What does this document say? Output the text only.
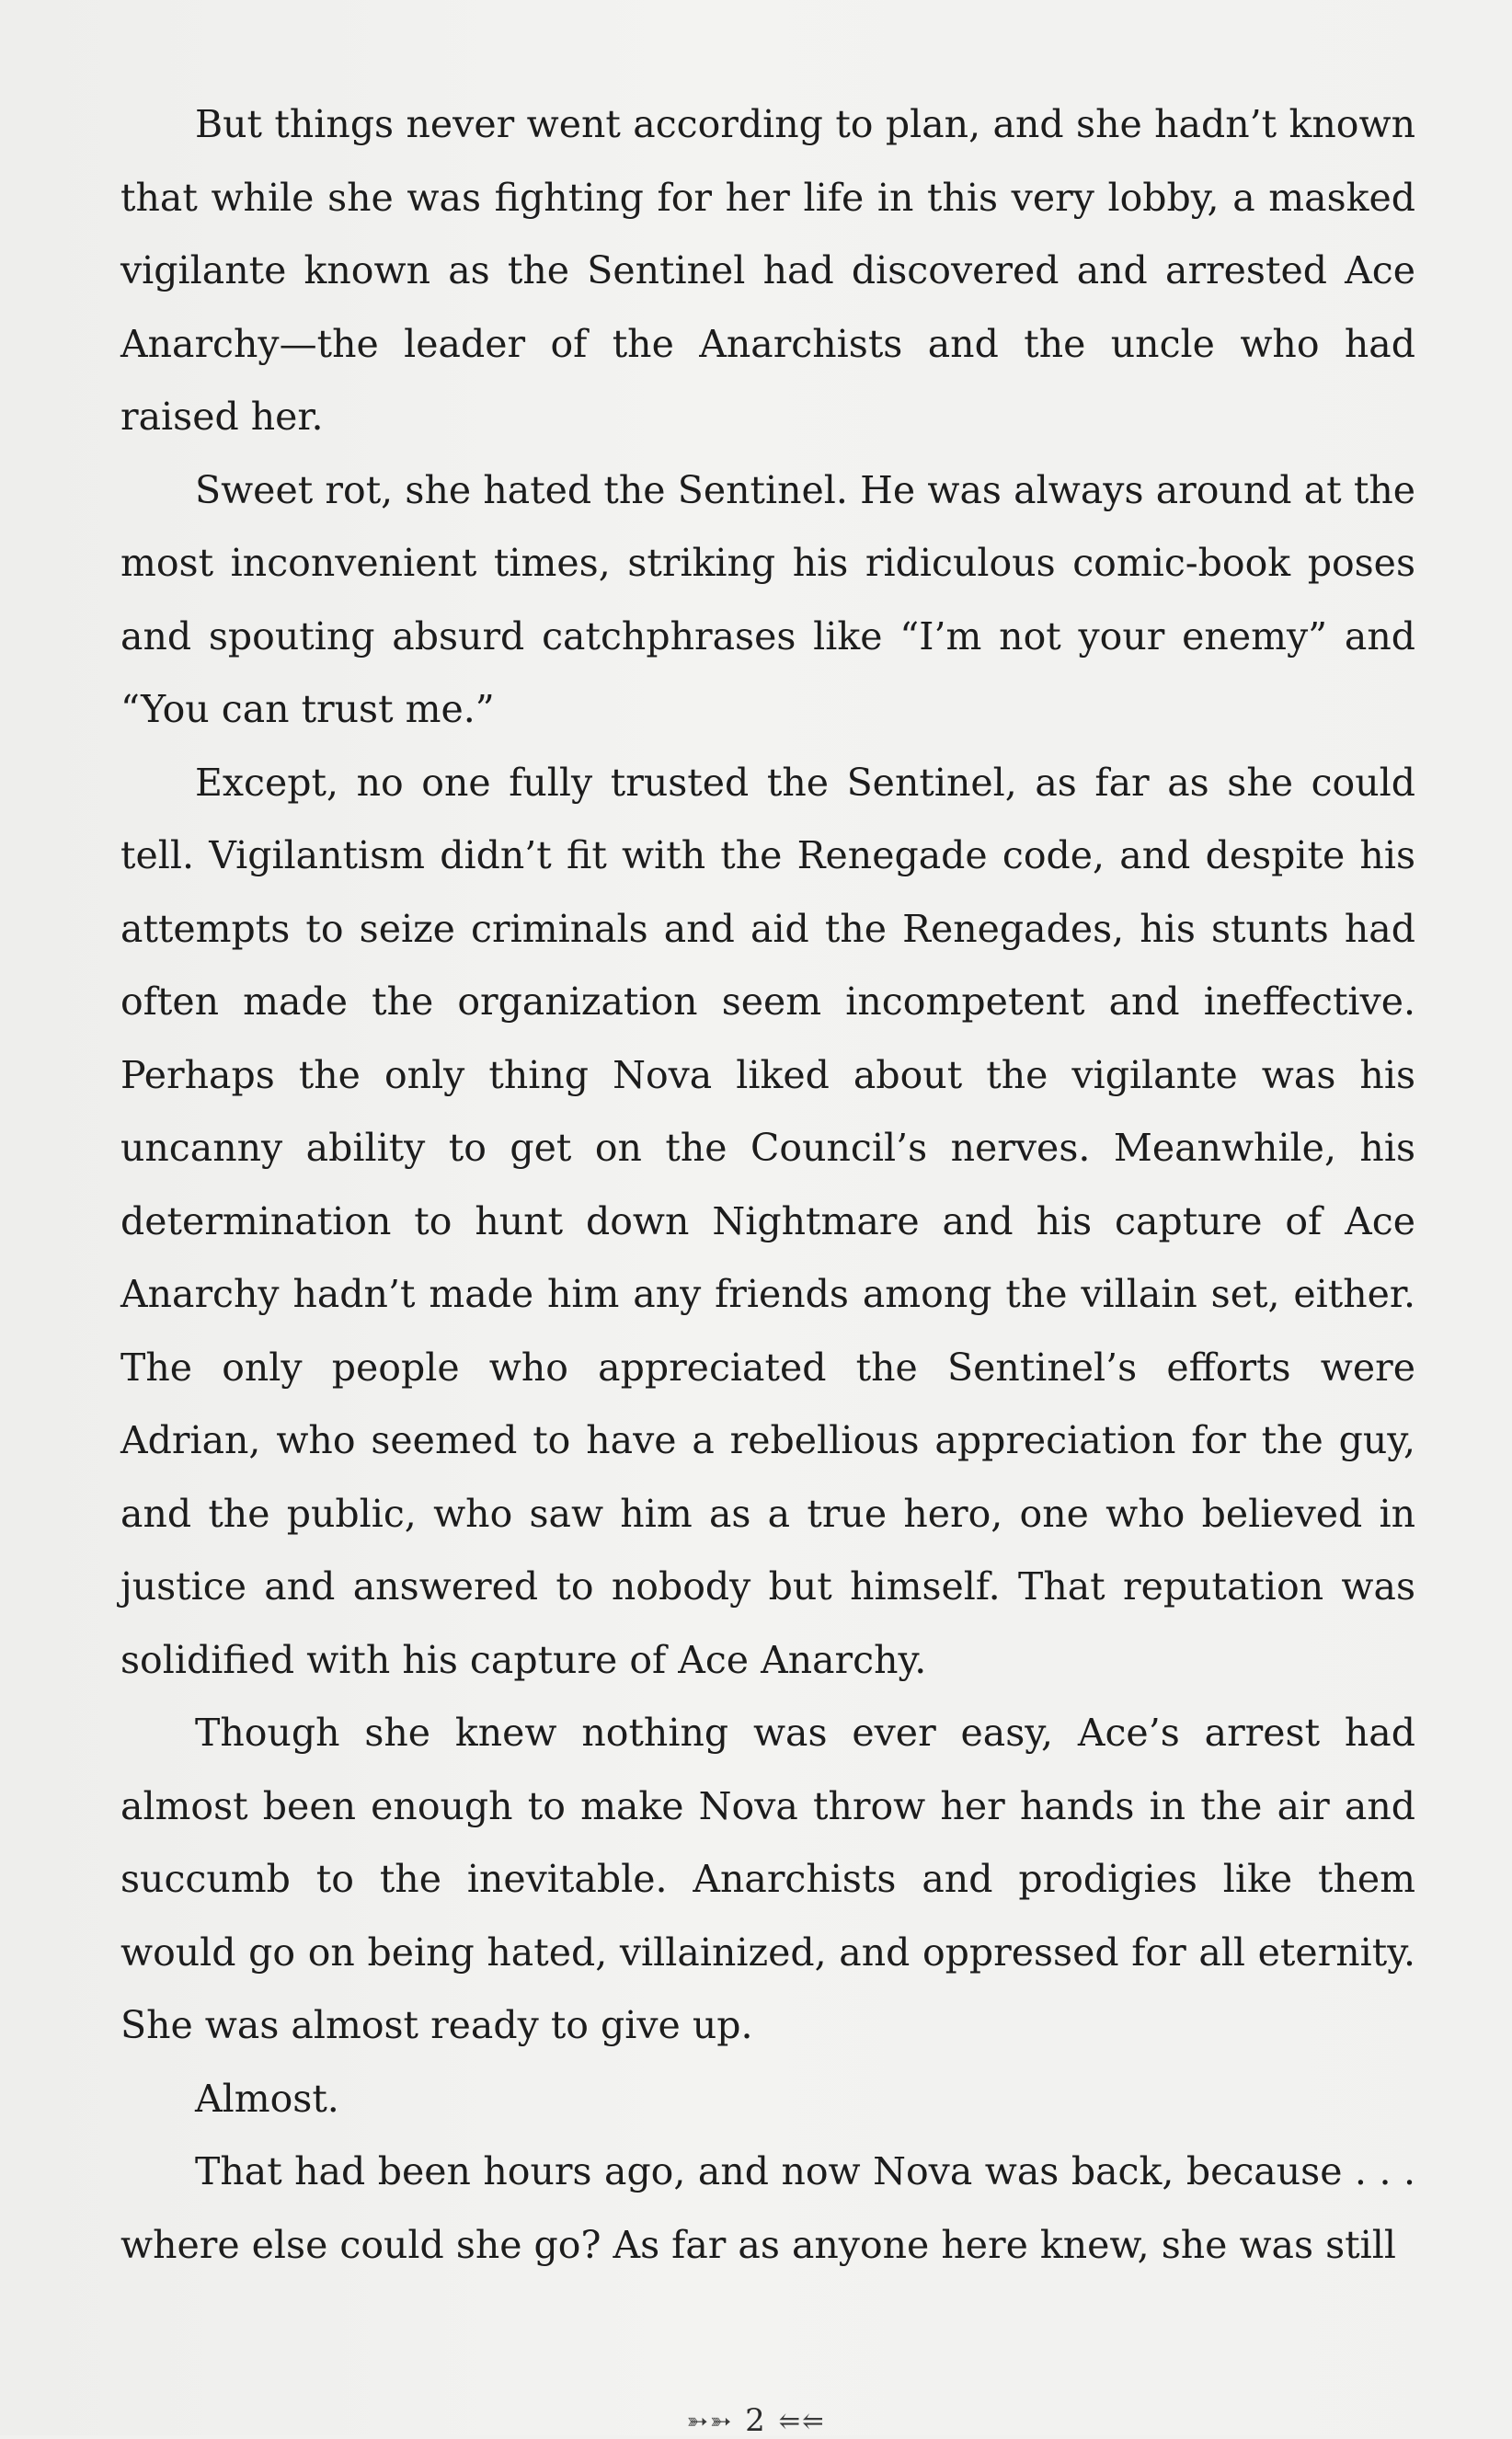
But things never went according to plan, and she hadn’t known that while she was fighting for her life in this very lobby, a masked vigilante known as the Sentinel had discovered and arrested Ace Anarchy—the leader of the Anarchists and the uncle who had raised her.

Sweet rot, she hated the Sentinel. He was always around at the most inconvenient times, striking his ridiculous comic-book poses and spouting absurd catchphrases like “I’m not your enemy” and “You can trust me.”

Except, no one fully trusted the Sentinel, as far as she could tell. Vigilantism didn’t fit with the Renegade code, and despite his attempts to seize criminals and aid the Renegades, his stunts had often made the organization seem incompetent and ineffective. Perhaps the only thing Nova liked about the vigilante was his uncanny ability to get on the Council’s nerves. Meanwhile, his determination to hunt down Nightmare and his capture of Ace Anarchy hadn’t made him any friends among the villain set, either. The only people who appreciated the Sentinel’s efforts were Adrian, who seemed to have a rebellious appreciation for the guy, and the public, who saw him as a true hero, one who believed in justice and answered to nobody but himself. That reputation was solidified with his capture of Ace Anarchy.

Though she knew nothing was ever easy, Ace’s arrest had almost been enough to make Nova throw her hands in the air and succumb to the inevitable. Anarchists and prodigies like them would go on being hated, villainized, and oppressed for all eternity. She was almost ready to give up.

Almost.

That had been hours ago, and now Nova was back, because . . . where else could she go? As far as anyone here knew, she was still

➳➳ 2 ⥢⥢
